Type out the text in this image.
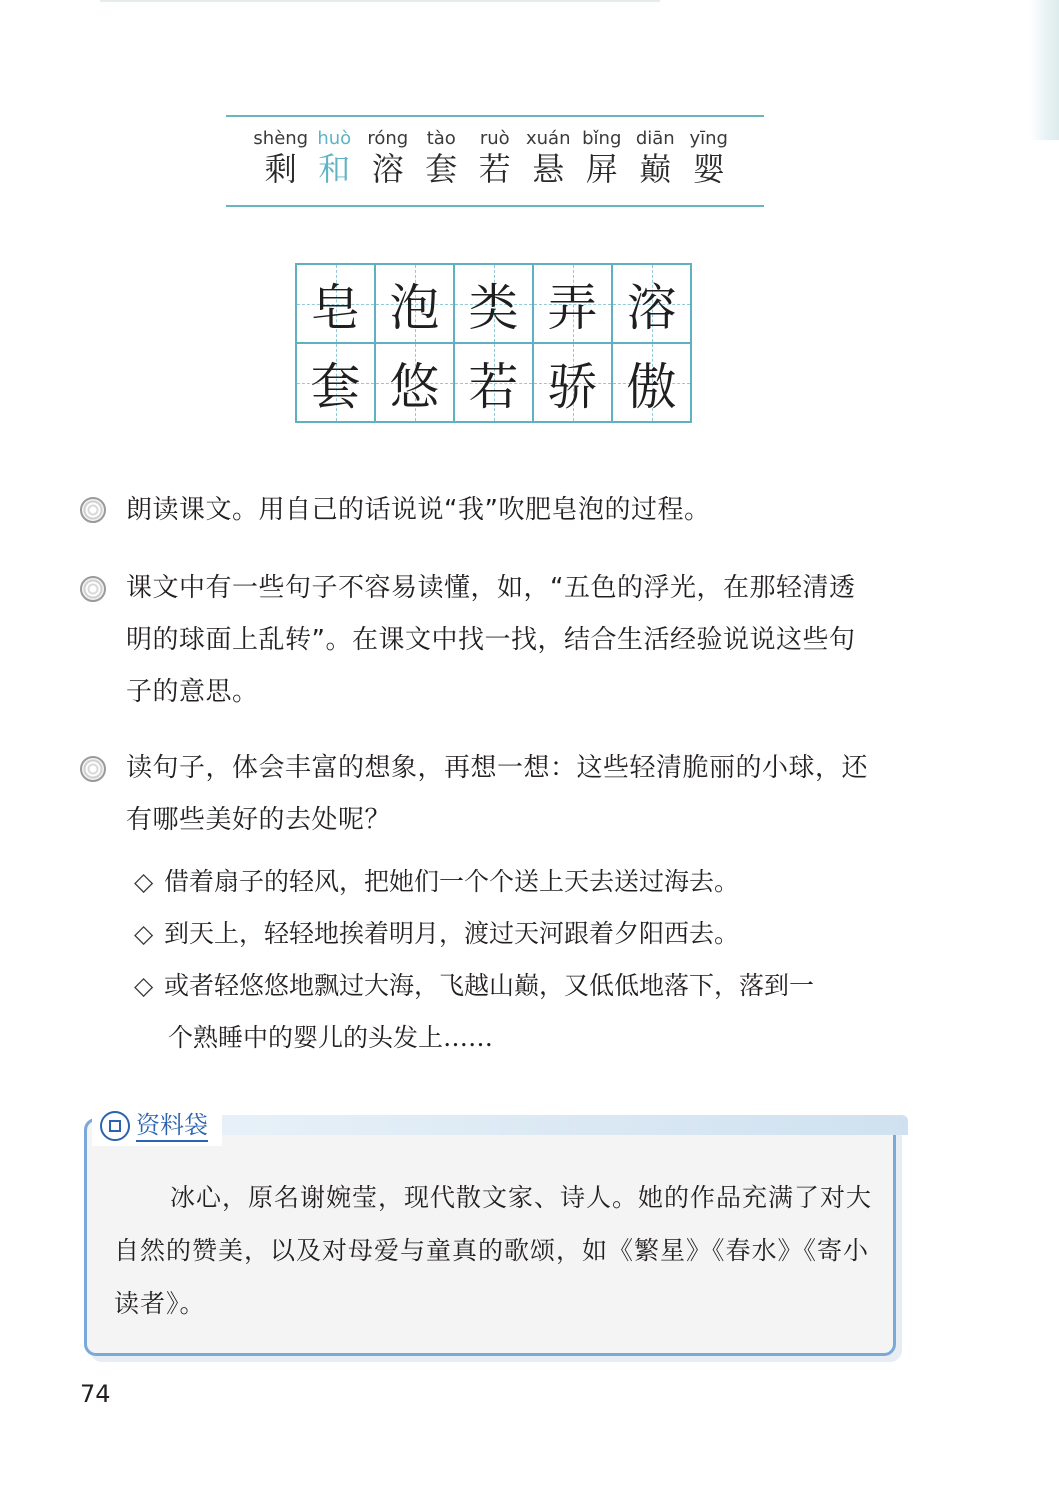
shèng
剩
huò
和
róng
溶
tào
套
ruò
若
xuán
悬
bǐng
屏
diān
巅
yīng
婴
皂 泡 类 弄 溶
套 悠 若 骄 傲
朗读课文。用自己的话说说“我”吹肥皂泡的过程。
课文中有一些句子不容易读懂，如，“五色的浮光，在那轻清透
明的球面上乱转”。在课文中找一找，结合生活经验说说这些句
子的意思。
读句子，体会丰富的想象，再想一想：这些轻清脆丽的小球，还
有哪些美好的去处呢？
◇ 借着扇子的轻风，把她们一个个送上天去送过海去。
◇ 到天上，轻轻地挨着明月，渡过天河跟着夕阳西去。
◇ 或者轻悠悠地飘过大海，飞越山巅，又低低地落下，落到一
个熟睡中的婴儿的头发上……
资料袋
冰心，原名谢婉莹，现代散文家、诗人。她的作品充满了对大自然的赞美，以及对母爱与童真的歌颂，如《繁星》《春水》《寄小读者》。
74
